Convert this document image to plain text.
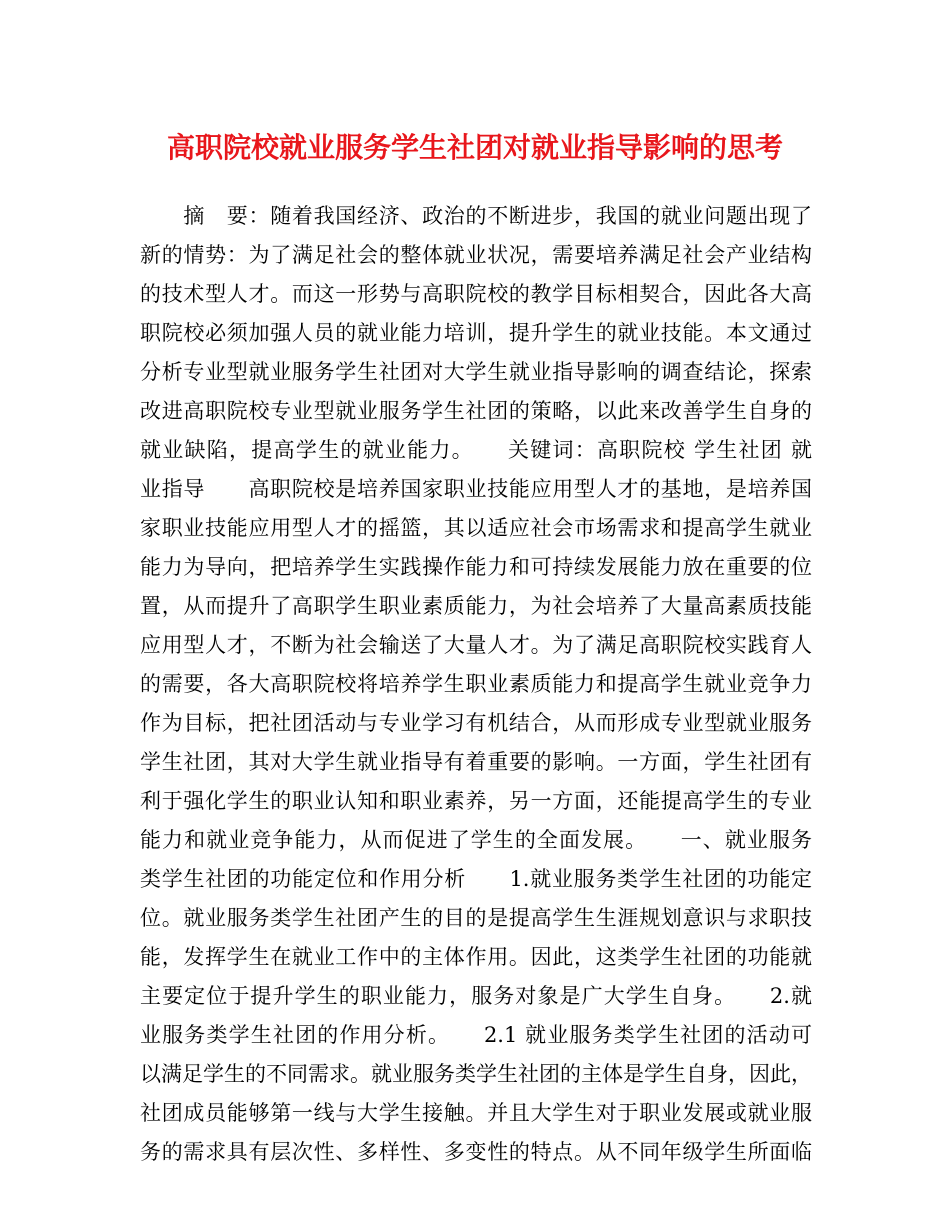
高职院校就业服务学生社团对就业指导影响的思考
　　摘　要：随着我国经济、政治的不断进步，我国的就业问题出现了
新的情势：为了满足社会的整体就业状况，需要培养满足社会产业结构
的技术型人才。而这一形势与高职院校的教学目标相契合，因此各大高
职院校必须加强人员的就业能力培训，提升学生的就业技能。本文通过
分析专业型就业服务学生社团对大学生就业指导影响的调查结论，探索
改进高职院校专业型就业服务学生社团的策略，以此来改善学生自身的
就业缺陷，提高学生的就业能力。　　关键词：高职院校 学生社团 就
业指导　　高职院校是培养国家职业技能应用型人才的基地，是培养国
家职业技能应用型人才的摇篮，其以适应社会市场需求和提高学生就业
能力为导向，把培养学生实践操作能力和可持续发展能力放在重要的位
置，从而提升了高职学生职业素质能力，为社会培养了大量高素质技能
应用型人才，不断为社会输送了大量人才。为了满足高职院校实践育人
的需要，各大高职院校将培养学生职业素质能力和提高学生就业竞争力
作为目标，把社团活动与专业学习有机结合，从而形成专业型就业服务
学生社团，其对大学生就业指导有着重要的影响。一方面，学生社团有
利于强化学生的职业认知和职业素养，另一方面，还能提高学生的专业
能力和就业竞争能力，从而促进了学生的全面发展。　　一、就业服务
类学生社团的功能定位和作用分析　　1.就业服务类学生社团的功能定
位。就业服务类学生社团产生的目的是提高学生生涯规划意识与求职技
能，发挥学生在就业工作中的主体作用。因此，这类学生社团的功能就
主要定位于提升学生的职业能力，服务对象是广大学生自身。　　2.就
业服务类学生社团的作用分析。　　2.1 就业服务类学生社团的活动可
以满足学生的不同需求。就业服务类学生社团的主体是学生自身，因此，
社团成员能够第一线与大学生接触。并且大学生对于职业发展或就业服
务的需求具有层次性、多样性、多变性的特点。从不同年级学生所面临
